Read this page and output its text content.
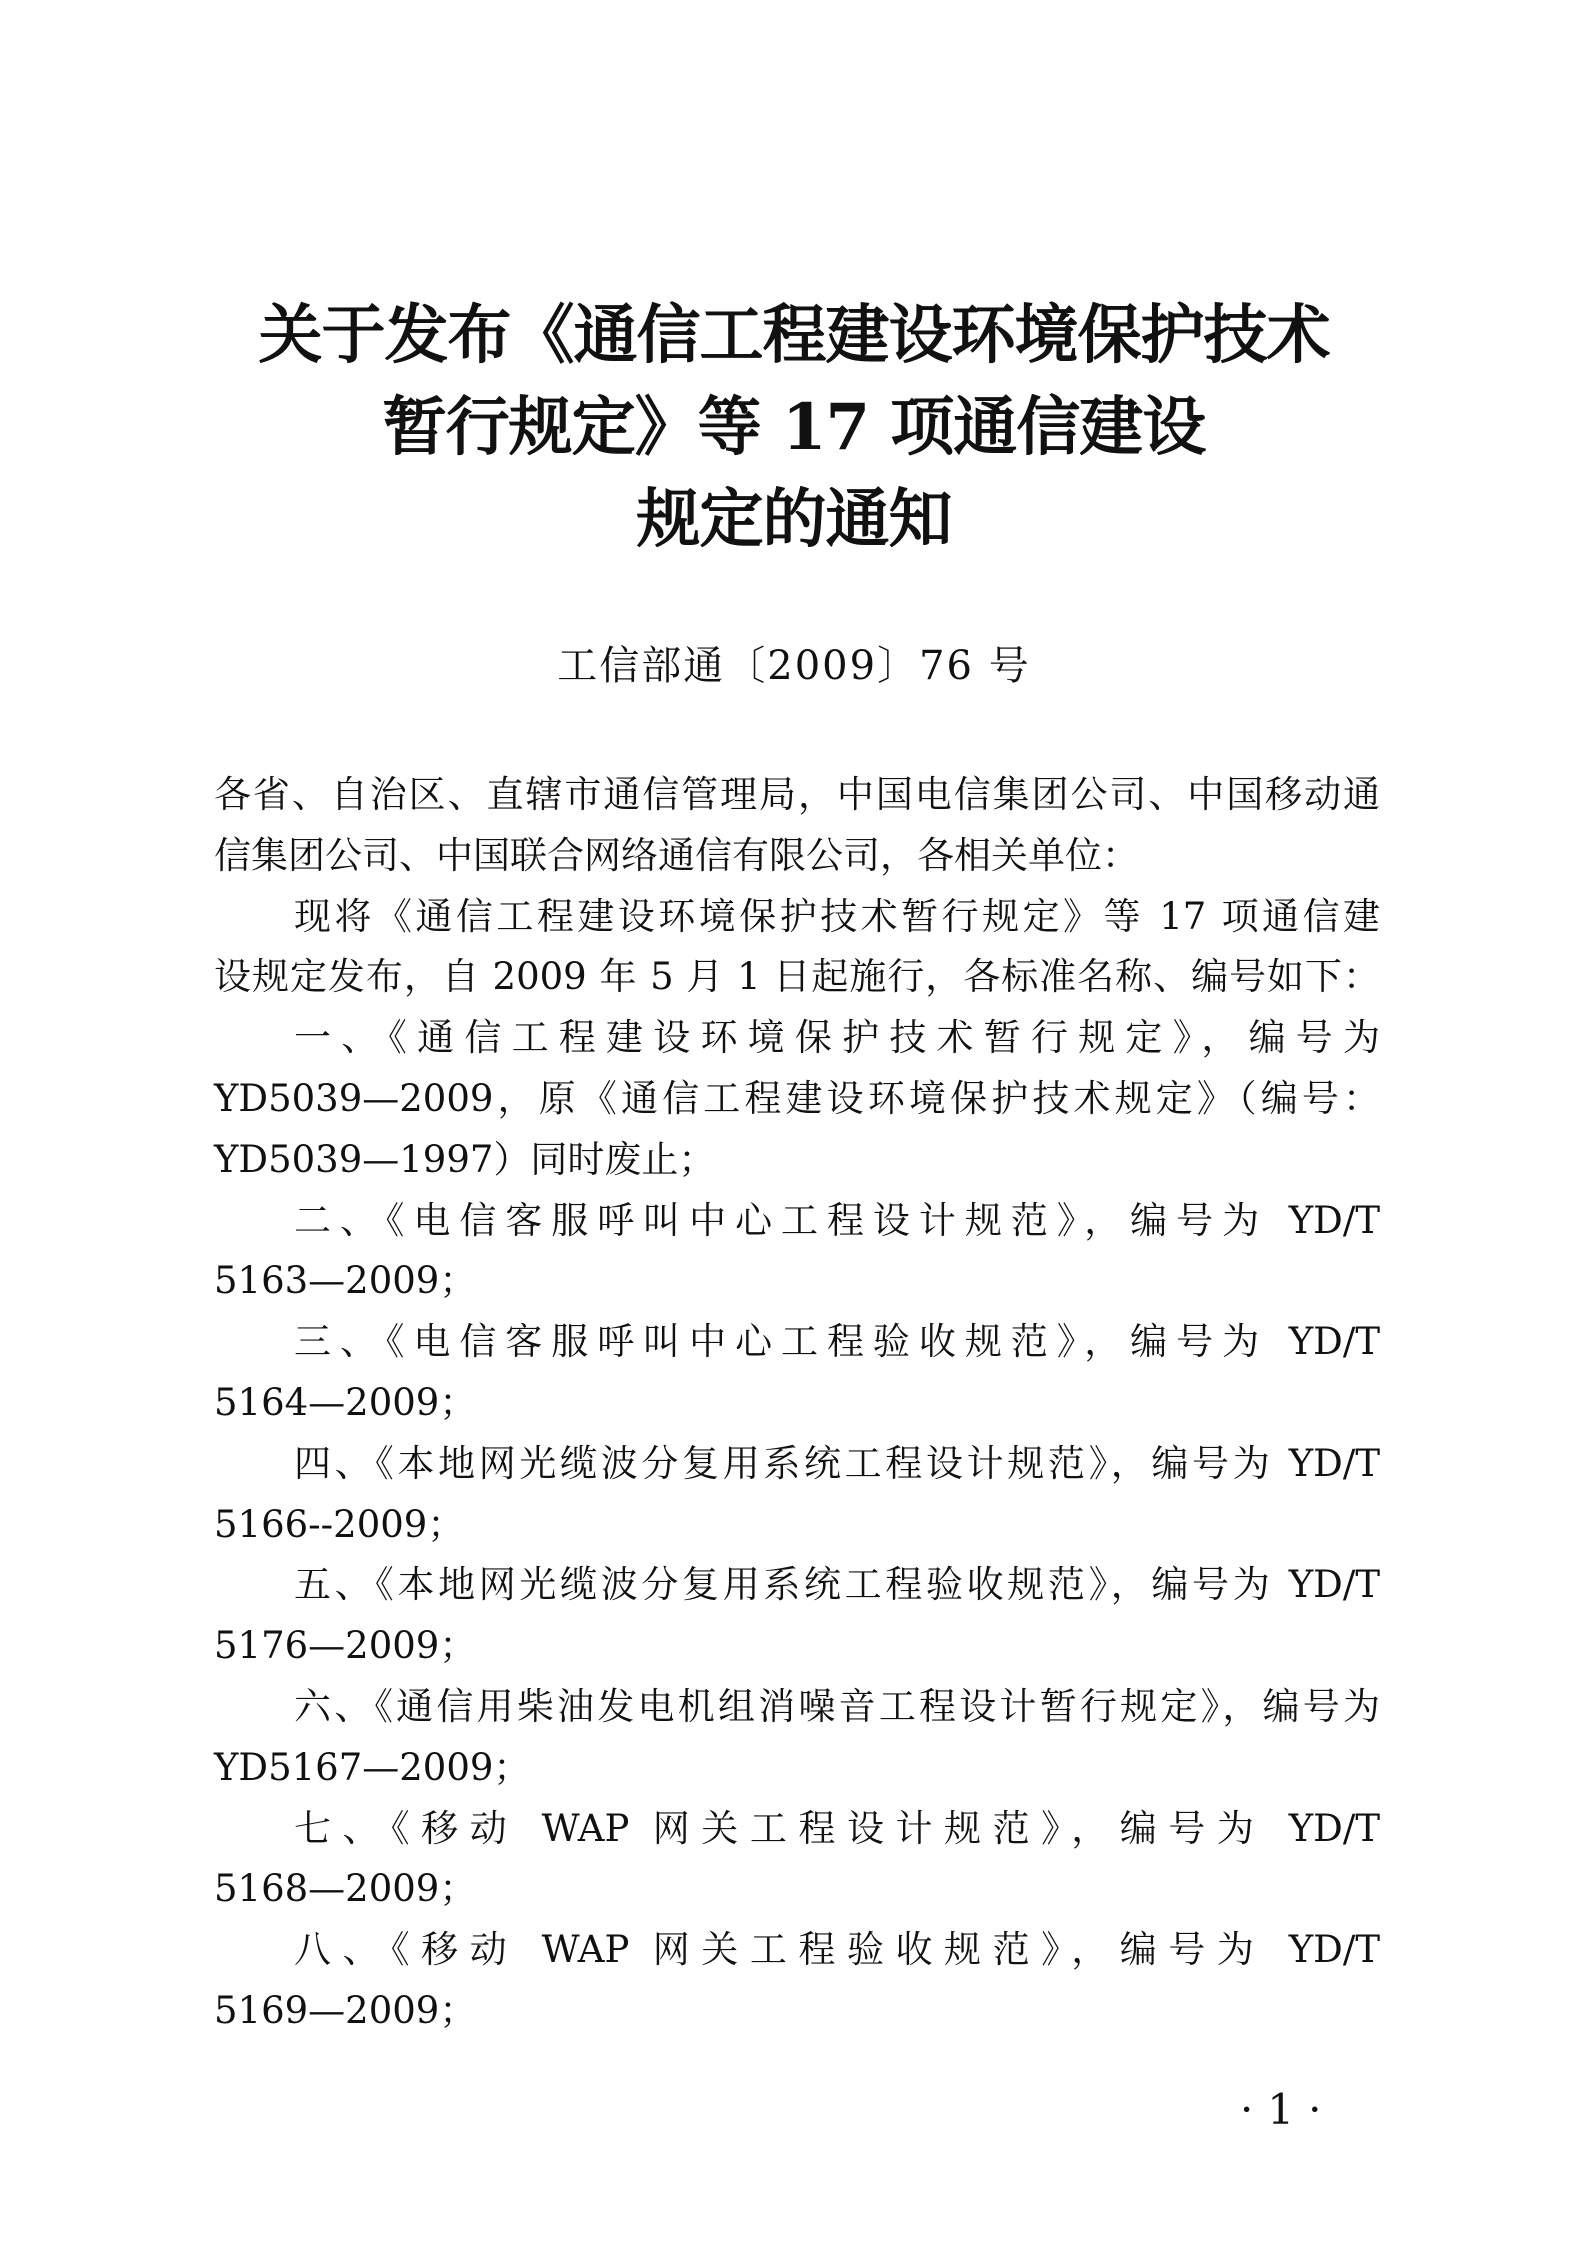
关于发布《通信工程建设环境保护技术
暂行规定》等 17 项通信建设
规定的通知
工信部通〔2009〕76 号
各省、自治区、直辖市通信管理局，中国电信集团公司、中国移动通
信集团公司、中国联合网络通信有限公司，各相关单位：
现将《通信工程建设环境保护技术暂行规定》等 17 项通信建
设规定发布，自 2009 年 5 月 1 日起施行，各标准名称、编号如下：
一、《通信工程建设环境保护技术暂行规定》，编号为
YD5039—2009，原《通信工程建设环境保护技术规定》（编号：
YD5039—1997）同时废止；
二、《电信客服呼叫中心工程设计规范》，编号为 YD/T
5163—2009；
三、《电信客服呼叫中心工程验收规范》，编号为 YD/T
5164—2009；
四、《本地网光缆波分复用系统工程设计规范》，编号为 YD/T
5166--2009；
五、《本地网光缆波分复用系统工程验收规范》，编号为 YD/T
5176—2009；
六、《通信用柴油发电机组消噪音工程设计暂行规定》，编号为
YD5167—2009；
七、《移动 WAP 网关工程设计规范》，编号为 YD/T
5168—2009；
八、《移动 WAP 网关工程验收规范》，编号为 YD/T
5169—2009；
·1·
